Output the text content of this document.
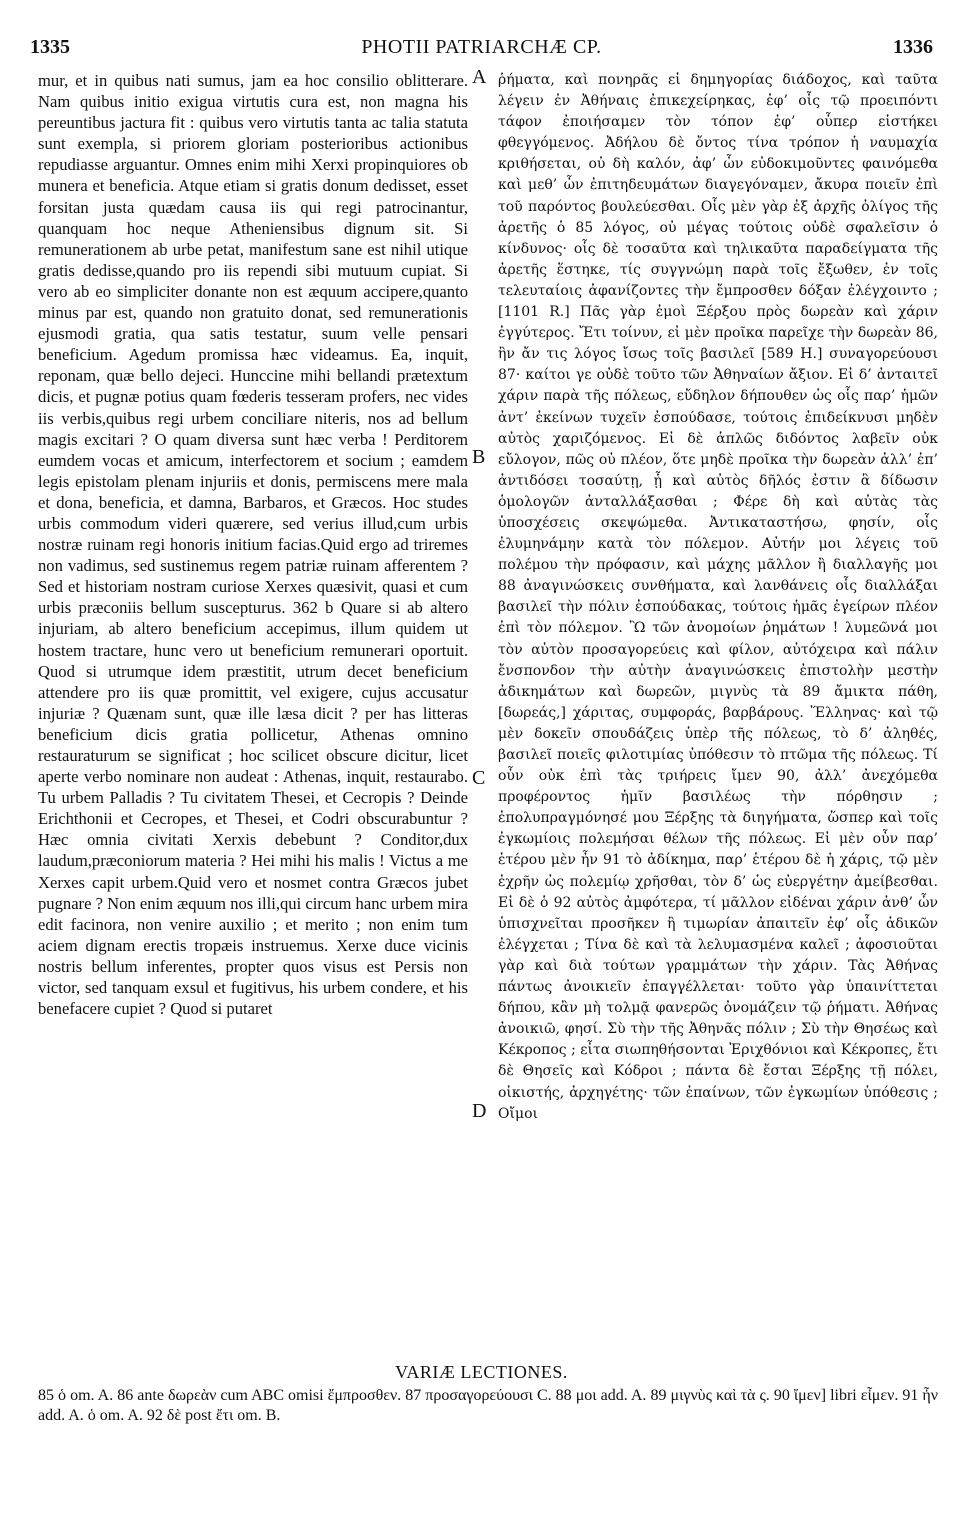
1335	PHOTII PATRIARCHÆ CP.	1336

mur, et in quibus nati sumus, jam ea hoc consilio oblitterare. Nam quibus initio exigua virtutis cura est, non magna his pereuntibus jactura fit : quibus vero virtutis tanta ac talia statuta sunt exempla, si priorem gloriam posterioribus actionibus repudiasse arguantur. Omnes enim mihi Xerxi propinquiores ob munera et beneficia. Atque etiam si gratis donum dedisset, esset forsitan justa quædam causa iis qui regi patrocinantur, quanquam hoc neque Atheniensibus dignum sit. Si remunerationem ab urbe petat, manifestum sane est nihil utique gratis dedisse,quando pro iis rependi sibi mutuum cupiat. Si vero ab eo simpliciter donante non est æquum accipere,quanto minus par est, quando non gratuito donat, sed remunerationis ejusmodi gratia, qua satis testatur, suum velle pensari beneficium. Agedum promissa hæc videamus. Ea, inquit, reponam, quæ bello dejeci. Hunccine mihi bellandi prætextum dicis, et pugnæ potius quam fœderis tesseram profers, nec vides iis verbis,quibus regi urbem conciliare niteris, nos ad bellum magis excitari ? O quam diversa sunt hæc verba ! Perditorem eumdem vocas et amicum, interfectorem et socium ; eamdem legis epistolam plenam injuriis et donis, permiscens mere mala et dona, beneficia, et damna, Barbaros, et Græcos. Hoc studes urbis commodum videri quærere, sed verius illud,cum urbis nostræ ruinam regi honoris initium facias.Quid ergo ad triremes non vadimus, sed sustinemus regem patriæ ruinam afferentem ? Sed et historiam nostram curiose Xerxes quæsivit, quasi et cum urbis præconiis bellum suscepturus. 362 b Quare si ab altero injuriam, ab altero beneficium accepimus, illum quidem ut hostem tractare, hunc vero ut beneficium remunerari oportuit. Quod si utrumque idem præstitit, utrum decet beneficium attendere pro iis quæ promittit, vel exigere, cujus accusatur injuriæ ? Quænam sunt, quæ ille læsa dicit ? per has litteras beneficium dicis gratia pollicetur, Athenas omnino restauraturum se significat ; hoc scilicet obscure dicitur, licet aperte verbo nominare non audeat : Athenas, inquit, restaurabo. Tu urbem Palladis ? Tu civitatem Thesei, et Cecropis ? Deinde Erichthonii et Cecropes, et Thesei, et Codri obscurabuntur ? Hæc omnia civitati Xerxis debebunt ? Conditor,dux laudum,præconiorum materia ? Hei mihi his malis ! Victus a me Xerxes capit urbem.Quid vero et nosmet contra Græcos jubet pugnare ? Non enim æquum nos illi,qui circum hanc urbem mira edit facinora, non venire auxilio ; et merito ; non enim tum aciem dignam erectis tropæis instruemus. Xerxe duce vicinis nostris bellum inferentes, propter quos visus est Persis non victor, sed tanquam exsul et fugitivus, his urbem condere, et his benefacere cupiet ? Quod si putaret

A
B
C
D

ῥήματα, καὶ πονηρᾶς εἰ δημηγορίας διάδοχος, καὶ ταῦτα λέγειν ἐν Ἀθήναις ἐπικεχείρηκας, ἐφ’ οἷς τῷ προειπόντι τάφον ἐποιήσαμεν τὸν τόπον ἐφ’ οὗπερ εἱστήκει φθεγγόμενος. Ἀδήλου δὲ ὄντος τίνα τρόπον ἡ ναυμαχία κριθήσεται, οὐ δὴ καλόν, ἀφ’ ὧν εὐδοκιμοῦντες φαινόμεθα καὶ μεθ’ ὧν ἐπιτηδευμάτων διαγεγόναμεν, ἄκυρα ποιεῖν ἐπὶ τοῦ παρόντος βουλεύεσθαι. Οἷς μὲν γὰρ ἐξ ἀρχῆς ὀλίγος τῆς ἀρετῆς ὁ 85 λόγος, οὐ μέγας τούτοις οὐδὲ σφαλεῖσιν ὁ κίνδυνος· οἷς δὲ τοσαῦτα καὶ τηλικαῦτα παραδείγματα τῆς ἀρετῆς ἕστηκε, τίς συγγνώμη παρὰ τοῖς ἔξωθεν, ἐν τοῖς τελευταίοις ἀφανίζοντες τὴν ἔμπροσθεν δόξαν ἐλέγχοιντο ; [1101 R.] Πᾶς γὰρ ἐμοὶ Ξέρξου πρὸς δωρεὰν καὶ χάριν ἐγγύτερος. Ἔτι τοίνυν, εἰ μὲν προῖκα παρεῖχε τὴν δωρεὰν 86, ἣν ἄν τις λόγος ἴσως τοῖς βασιλεῖ [589 H.] συναγορεύουσι 87· καίτοι γε οὐδὲ τοῦτο τῶν Ἀθηναίων ἄξιον. Εἰ δ’ ἀνταιτεῖ χάριν παρὰ τῆς πόλεως, εὔδηλον δήπουθεν ὡς οἷς παρ’ ἡμῶν ἀντ’ ἐκείνων τυχεῖν ἐσπούδασε, τούτοις ἐπιδείκνυσι μηδὲν αὐτὸς χαριζόμενος. Εἰ δὲ ἁπλῶς διδόντος λαβεῖν οὐκ εὔλογον, πῶς οὐ πλέον, ὅτε μηδὲ προῖκα τὴν δωρεὰν ἀλλ’ ἐπ’ ἀντιδόσει τοσαύτῃ, ᾗ καὶ αὐτὸς δῆλός ἐστιν ἃ δίδωσιν ὁμολογῶν ἀνταλλάξασθαι ; Φέρε δὴ καὶ αὐτὰς τὰς ὑποσχέσεις σκεψώμεθα. Ἀντικαταστήσω, φησίν, οἷς ἐλυμηνάμην κατὰ τὸν πόλεμον. Αὐτήν μοι λέγεις τοῦ πολέμου τὴν πρόφασιν, καὶ μάχης μᾶλλον ἢ διαλλαγῆς μοι 88 ἀναγινώσκεις συνθήματα, καὶ λανθάνεις οἷς διαλλάξαι βασιλεῖ τὴν πόλιν ἐσπούδακας, τούτοις ἡμᾶς ἐγείρων πλέον ἐπὶ τὸν πόλεμον. Ὢ τῶν ἀνομοίων ῥημάτων ! λυμεῶνά μοι τὸν αὐτὸν προσαγορεύεις καὶ φίλον, αὐτόχειρα καὶ πάλιν ἔνσπονδον τὴν αὐτὴν ἀναγινώσκεις ἐπιστολὴν μεστὴν ἀδικημάτων καὶ δωρεῶν, μιγνὺς τὰ 89 ἄμικτα πάθη, [δωρεάς,] χάριτας, συμφοράς, βαρβάρους. Ἕλληνας· καὶ τῷ μὲν δοκεῖν σπουδάζεις ὑπὲρ τῆς πόλεως, τὸ δ’ ἀληθές, βασιλεῖ ποιεῖς φιλοτιμίας ὑπόθεσιν τὸ πτῶμα τῆς πόλεως. Τί οὖν οὐκ ἐπὶ τὰς τριήρεις ἴμεν 90, ἀλλ’ ἀνεχόμεθα προφέροντος ἡμῖν βασιλέως τὴν πόρθησιν ; ἐπολυπραγμόνησέ μου Ξέρξης τὰ διηγήματα, ὥσπερ καὶ τοῖς ἐγκωμίοις πολεμήσαι θέλων τῆς πόλεως. Εἰ μὲν οὖν παρ’ ἑτέρου μὲν ἦν 91 τὸ ἀδίκημα, παρ’ ἑτέρου δὲ ἡ χάρις, τῷ μὲν ἐχρῆν ὡς πολεμίῳ χρῆσθαι, τὸν δ’ ὡς εὐεργέτην ἀμείβεσθαι. Εἰ δὲ ὁ 92 αὐτὸς ἀμφότερα, τί μᾶλλον εἰδέναι χάριν ἀνθ’ ὧν ὑπισχνεῖται προσῆκεν ἢ τιμωρίαν ἀπαιτεῖν ἐφ’ οἷς ἀδικῶν ἐλέγχεται ; Τίνα δὲ καὶ τὰ λελυμασμένα καλεῖ ; ἀφοσιοῦται γὰρ καὶ διὰ τούτων γραμμάτων τὴν χάριν. Τὰς Ἀθήνας πάντως ἀνοικιεῖν ἐπαγγέλλεται· τοῦτο γὰρ ὑπαινίττεται δήπου, κἂν μὴ τολμᾷ φανερῶς ὀνομάζειν τῷ ῥήματι. Ἀθήνας ἀνοικιῶ, φησί. Σὺ τὴν τῆς Ἀθηνᾶς πόλιν ; Σὺ τὴν Θησέως καὶ Κέκροπος ; εἶτα σιωπηθήσονται Ἐριχθόνιοι καὶ Κέκροπες, ἔτι δὲ Θησεῖς καὶ Κόδροι ; πάντα δὲ ἔσται Ξέρξης τῇ πόλει, οἰκιστής, ἀρχηγέτης· τῶν ἐπαίνων, τῶν ἐγκωμίων ὑπόθεσις ; Οἴμοι

VARIÆ LECTIONES.
85 ὁ om. A. 86 ante δωρεὰν cum ABC omisi ἔμπροσθεν. 87 προσαγορεύουσι C. 88 μοι add. A. 89 μιγνὺς καὶ τὰ ς. 90 ἴμεν] libri εἶμεν. 91 ἦν add. A. ὁ om. A. 92 δὲ post ἔτι om. B.
